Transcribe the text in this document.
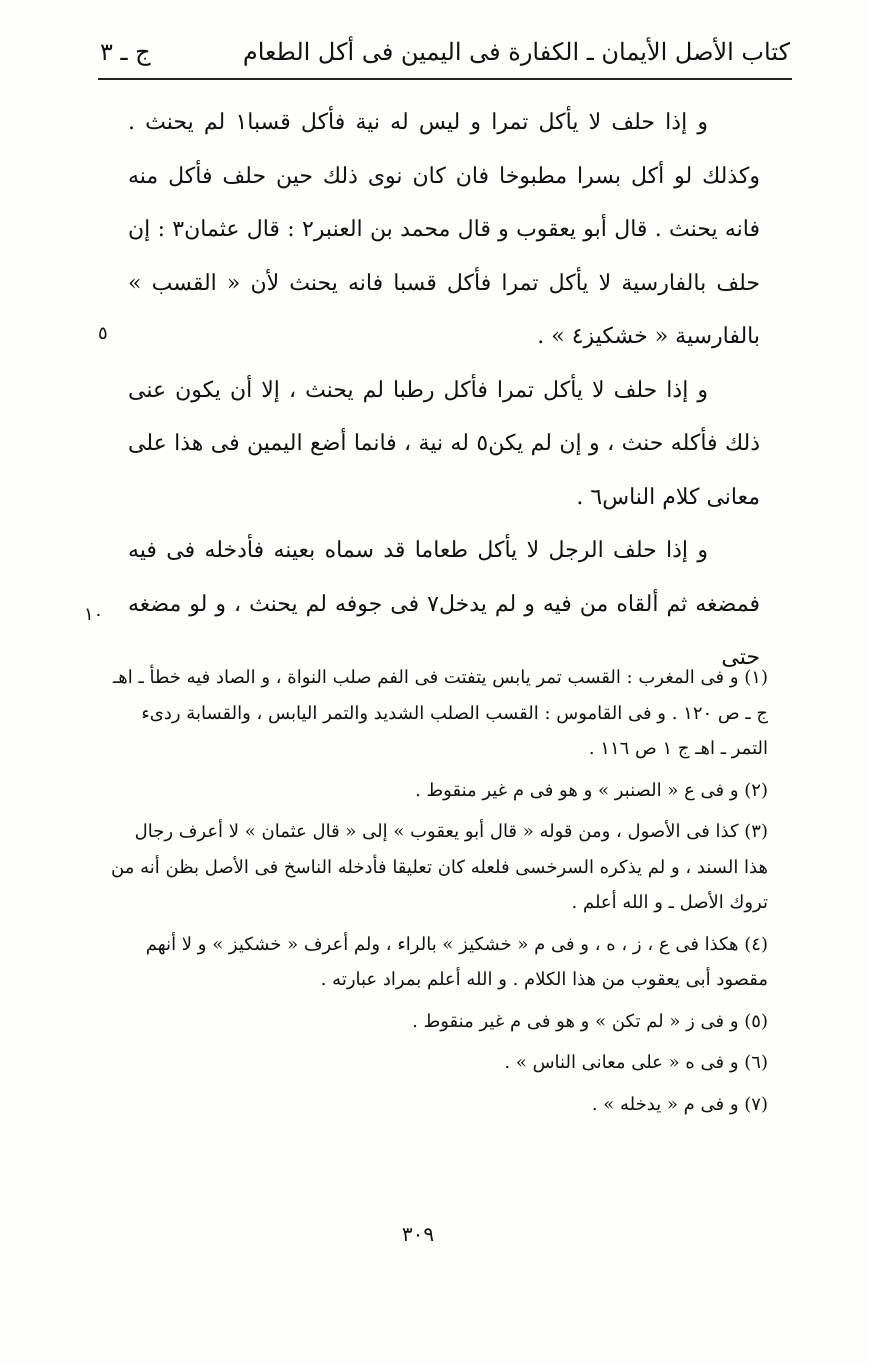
كتاب الأصل الأيمان ـ الكفارة فى اليمين فى أكل الطعام
ج ـ ٣

و إذا حلف لا يأكل تمرا و ليس له نية فأكل قسبا١ لم يحنث . وكذلك لو أكل بسرا مطبوخا فان كان نوى ذلك حين حلف فأكل منه فانه يحنث . قال أبو يعقوب و قال محمد بن العنبر٢ : قال عثمان٣ : إن حلف بالفارسية لا يأكل تمرا فأكل قسبا فانه يحنث لأن « القسب » بالفارسية « خشكيز٤ » .

و إذا حلف لا يأكل تمرا فأكل رطبا لم يحنث ، إلا أن يكون عنى ذلك فأكله حنث ، و إن لم يكن٥ له نية ، فانما أضع اليمين فى هذا على معانى كلام الناس٦ .

و إذا حلف الرجل لا يأكل طعاما قد سماه بعينه فأدخله فى فيه فمضغه ثم ألقاه من فيه و لم يدخل٧ فى جوفه لم يحنث ، و لو مضغه حتى

٥
١٠

(١) و فى المغرب : القسب تمر يابس يتفتت فى الفم صلب النواة ، و الصاد فيه خطأ ـ اهـ ج ـ ص ١٢٠ . و فى القاموس : القسب الصلب الشديد والتمر اليابس ، والقسابة ردىء التمر ـ اهـ ج ١ ص ١١٦ .

(٢) و فى ع « الصنبر » و هو فى م غير منقوط .

(٣) كذا فى الأصول ، ومن قوله « قال أبو يعقوب » إلى « قال عثمان » لا أعرف رجال هذا السند ، و لم يذكره السرخسى فلعله كان تعليقا فأدخله الناسخ فى الأصل بظن أنه من تروك الأصل ـ و الله أعلم .

(٤) هكذا فى ع ، ز ، ه ، و فى م « خشكيز » بالراء ، ولم أعرف « خشكيز » و لا أنهم مقصود أبى يعقوب من هذا الكلام . و الله أعلم بمراد عبارته .

(٥) و فى ز « لم تكن » و هو فى م غير منقوط .

(٦) و فى ه « على معانى الناس » .

(٧) و فى م « يدخله » .

٣٠٩
